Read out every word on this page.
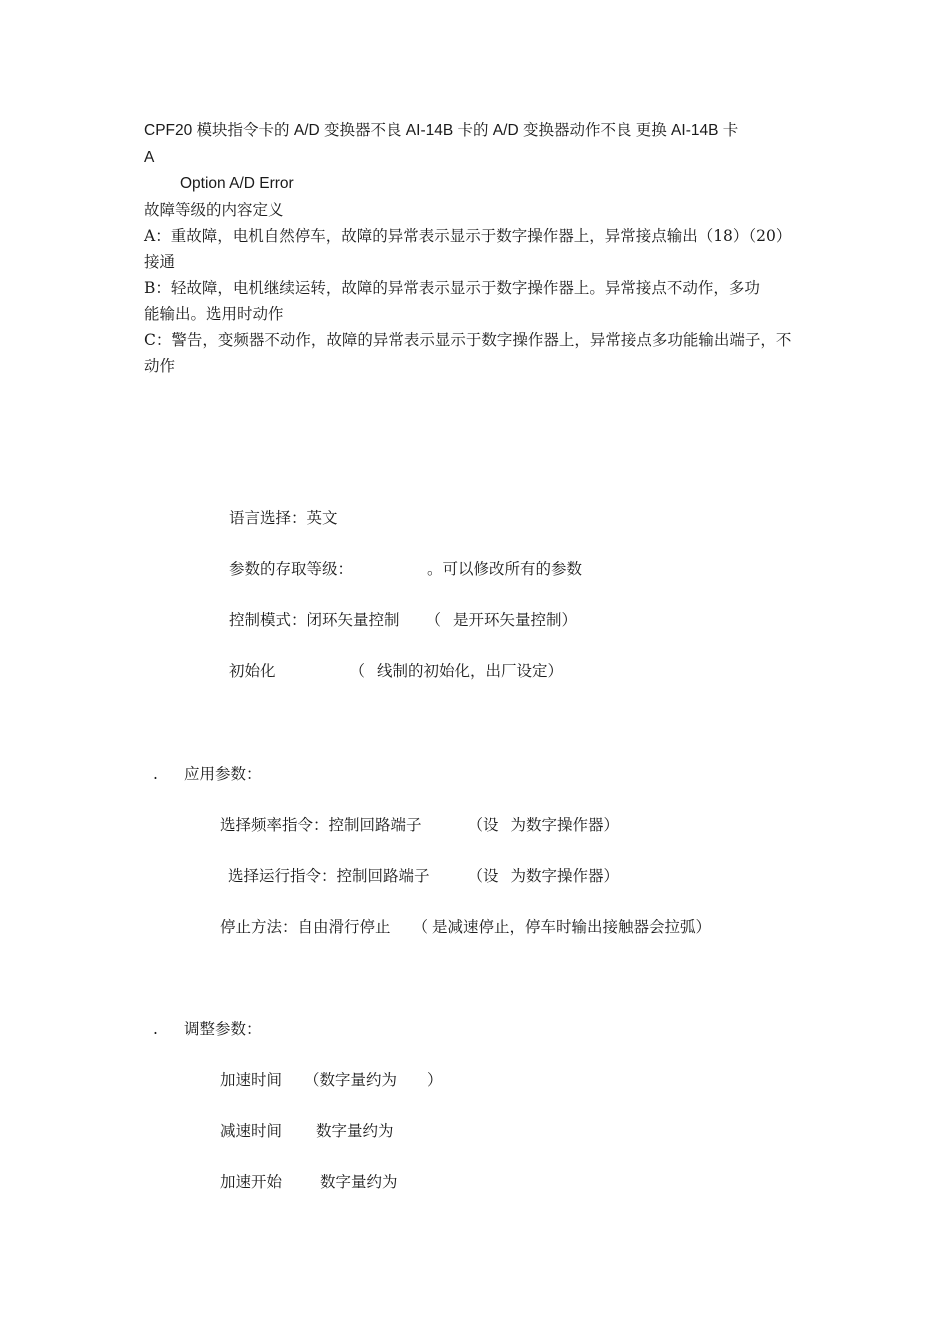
CPF20 模块指令卡的 A/D 变换器不良 AI-14B 卡的 A/D 变换器动作不良 更换 AI-14B 卡
A
Option A/D Error
故障等级的内容定义
A：重故障，电机自然停车，故障的异常表示显示于数字操作器上，异常接点输出（18）（20）
接通
B：轻故障，电机继续运转，故障的异常表示显示于数字操作器上。异常接点不动作，多功
能输出。选用时动作
C：警告，变频器不动作，故障的异常表示显示于数字操作器上，异常接点多功能输出端子，不
动作
语言选择：英文
参数的存取等级：	。可以修改所有的参数
控制模式：闭环矢量控制 （ 是开环矢量控制）
初始化	（ 线制的初始化，出厂设定）
. 应用参数：
选择频率指令：控制回路端子	（设 为数字操作器）
选择运行指令：控制回路端子 （设 为数字操作器）
停止方法：自由滑行停止 （ 是减速停止，停车时输出接触器会拉弧）
. 调整参数：
加速时间 （数字量约为 ）
减速时间 数字量约为
加速开始 数字量约为
